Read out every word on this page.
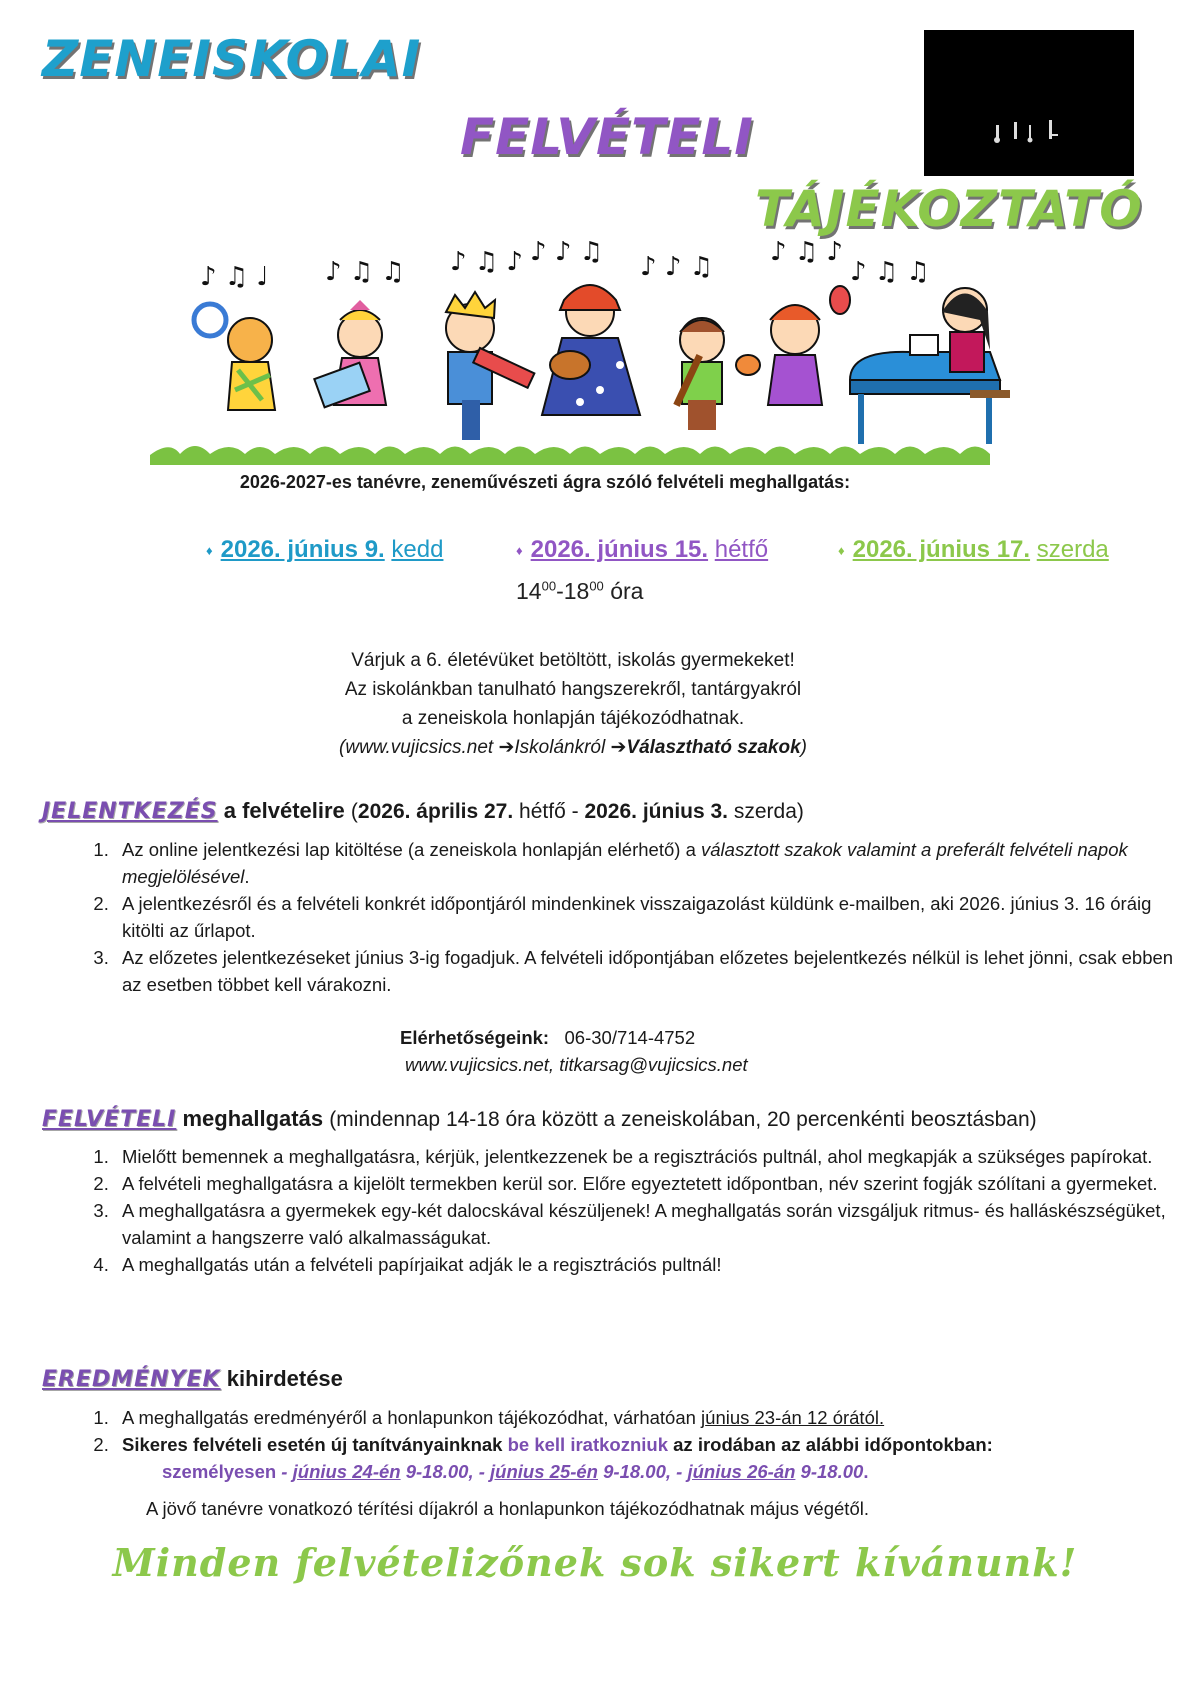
ZENEISKOLAI
FELVÉTELI
TÁJÉKOZTATÓ
♪ ♫ ♩ ♪ ♫ ♫ ♪ ♫ ♪ ♪ ♪ ♫ ♪ ♪ ♫ ♪ ♫ ♪
♪ ♫ ♫
2026-2027-es tanévre, zeneművészeti ágra szóló felvételi meghallgatás:
♦ 2026. június 9. kedd	♦ 2026. június 15. hétfő	♦ 2026. június 17. szerda
$14^{00}-18^{00}$ óra
Várjuk a 6. életévüket betöltött, iskolás gyermekeket!
Az iskolánkban tanulható hangszerekről, tantárgyakról
a zeneiskola honlapján tájékozódhatnak.
(www.vujicsics.net ➔Iskolánkról ➔Választható szakok)
JELENTKEZÉS a felvételire (2026. április 27. hétfő - 2026. június 3. szerda)
1. Az online jelentkezési lap kitöltése (a zeneiskola honlapján elérhető) a választott szakok valamint a preferált felvételi napok megjelölésével.
2. A jelentkezésről és a felvételi konkrét időpontjáról mindenkinek visszaigazolást küldünk e-mailben, aki 2026. június 3. 16 óráig kitölti az űrlapot.
3. Az előzetes jelentkezéseket június 3-ig fogadjuk. A felvételi időpontjában előzetes bejelentkezés nélkül is lehet jönni, csak ebben az esetben többet kell várakozni.
Elérhetőségeink: 06-30/714-4752
www.vujicsics.net, titkarsag@vujicsics.net
FELVÉTELI meghallgatás (mindennap 14-18 óra között a zeneiskolában, 20 percenkénti beosztásban)
1. Mielőtt bemennek a meghallgatásra, kérjük, jelentkezzenek be a regisztrációs pultnál, ahol megkapják a szükséges papírokat.
2. A felvételi meghallgatásra a kijelölt termekben kerül sor. Előre egyeztetett időpontban, név szerint fogják szólítani a gyermeket.
3. A meghallgatásra a gyermekek egy-két dalocskával készüljenek! A meghallgatás során vizsgáljuk ritmus- és halláskészségüket, valamint a hangszerre való alkalmasságukat.
4. A meghallgatás után a felvételi papírjaikat adják le a regisztrációs pultnál!
EREDMÉNYEK kihirdetése
1. A meghallgatás eredményéről a honlapunkon tájékozódhat, várhatóan június 23-án 12 órától.
2. Sikeres felvételi esetén új tanítványainknak be kell iratkozniuk az irodában az alábbi időpontokban:
személyesen - június 24-én 9-18.00, - június 25-én 9-18.00, - június 26-án 9-18.00.
A jövő tanévre vonatkozó térítési díjakról a honlapunkon tájékozódhatnak május végétől.

Minden felvételizőnek sok sikert kívánunk!
